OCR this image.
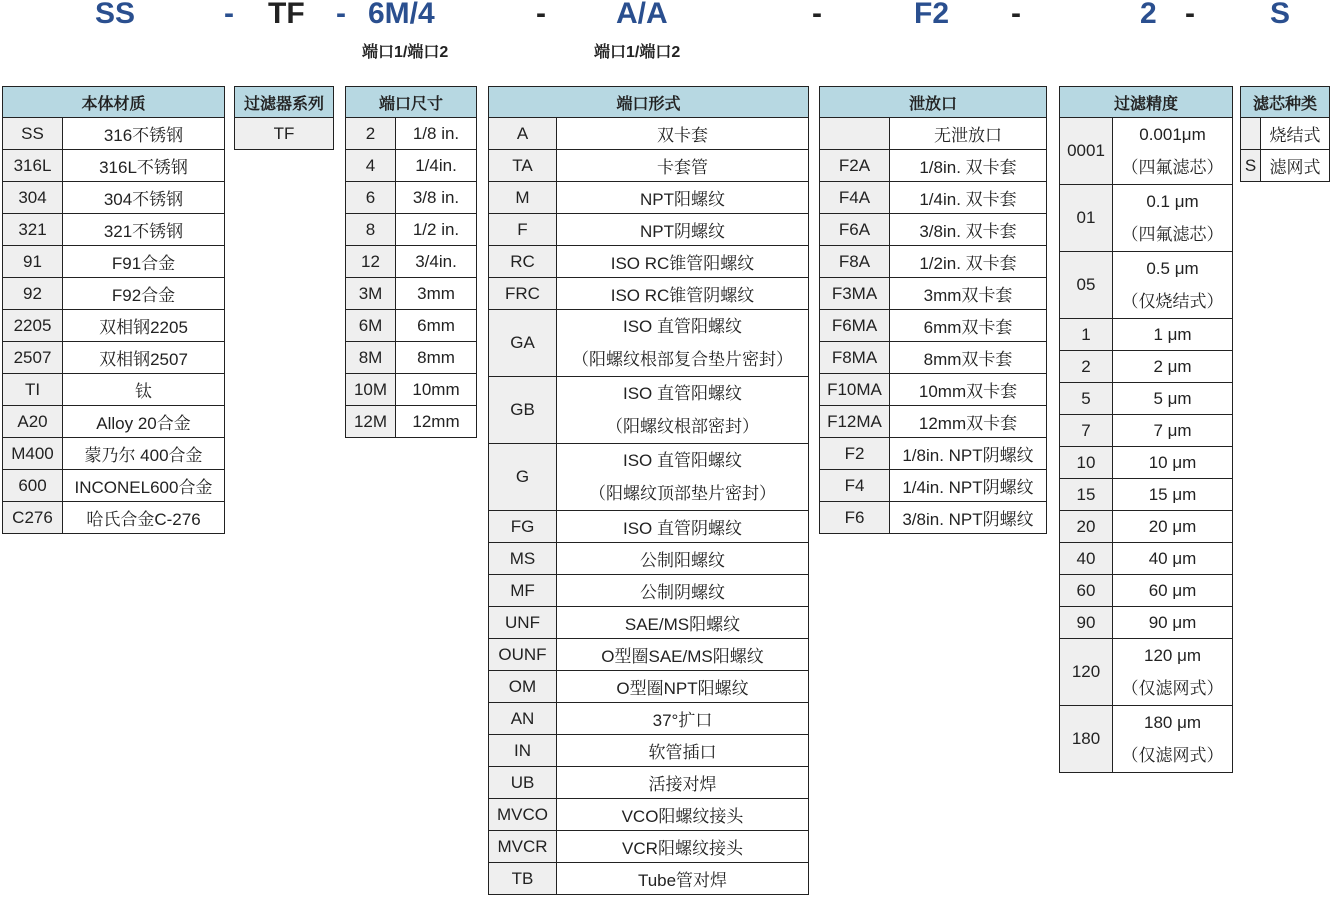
SS	- TF - 6M/4	- A/A	-	F2 -	2 -	S
端口1/端口2	端口1/端口2
本体材质	
SS	316不锈钢
316L	316L不锈钢
304	304不锈钢
321	321不锈钢
91	F91合金
92	F92合金
2205	双相钢2205
2507	双相钢2507
TI	钛
A20	Alloy 20合金
M400	蒙乃尔 400合金
600	INCONEL600合金
C276	哈氏合金C-276
过滤器系列
TF
端口尺寸	
2	1/8 in.
4	1/4in.
6	3/8 in.
8	1/2 in.
12	3/4in.
3M	3mm
6M	6mm
8M	8mm
10M	10mm
12M	12mm
端口形式	
A	双卡套
TA	卡套管
M	NPT阳螺纹
F	NPT阴螺纹
RC	ISO RC锥管阳螺纹
FRC	ISO RC锥管阴螺纹
GA	ISO 直管阳螺纹
（阳螺纹根部复合垫片密封）

GB	ISO 直管阳螺纹
（阳螺纹根部密封）

G	ISO 直管阳螺纹
（阳螺纹顶部垫片密封）

FG	ISO 直管阴螺纹
MS	公制阳螺纹
MF	公制阴螺纹
UNF	SAE/MS阳螺纹
OUNF	O型圈SAE/MS阳螺纹
OM	O型圈NPT阳螺纹
AN	37°扩口
IN	软管插口
UB	活接对焊
MVCO	VCO阳螺纹接头
MVCR	VCR阳螺纹接头
TB	Tube管对焊
泄放口	
	无泄放口
F2A	1/8in. 双卡套
F4A	1/4in. 双卡套
F6A	3/8in. 双卡套
F8A	1/2in. 双卡套
F3MA	3mm双卡套
F6MA	6mm双卡套
F8MA	8mm双卡套
F10MA	10mm双卡套
F12MA	12mm双卡套
F2	1/8in. NPT阴螺纹
F4	1/4in. NPT阴螺纹
F6	3/8in. NPT阴螺纹
过滤精度	
0001	0.001μm
（四氟滤芯）

01	0.1 μm
（四氟滤芯）

05	0.5 μm
（仅烧结式）

1	1 μm
2	2 μm
5	5 μm
7	7 μm
10	10 μm
15	15 μm
20	20 μm
40	40 μm
60	60 μm
90	90 μm
120	120 μm
（仅滤网式）

180	180 μm
（仅滤网式）
滤芯种类	
	烧结式
S	滤网式
